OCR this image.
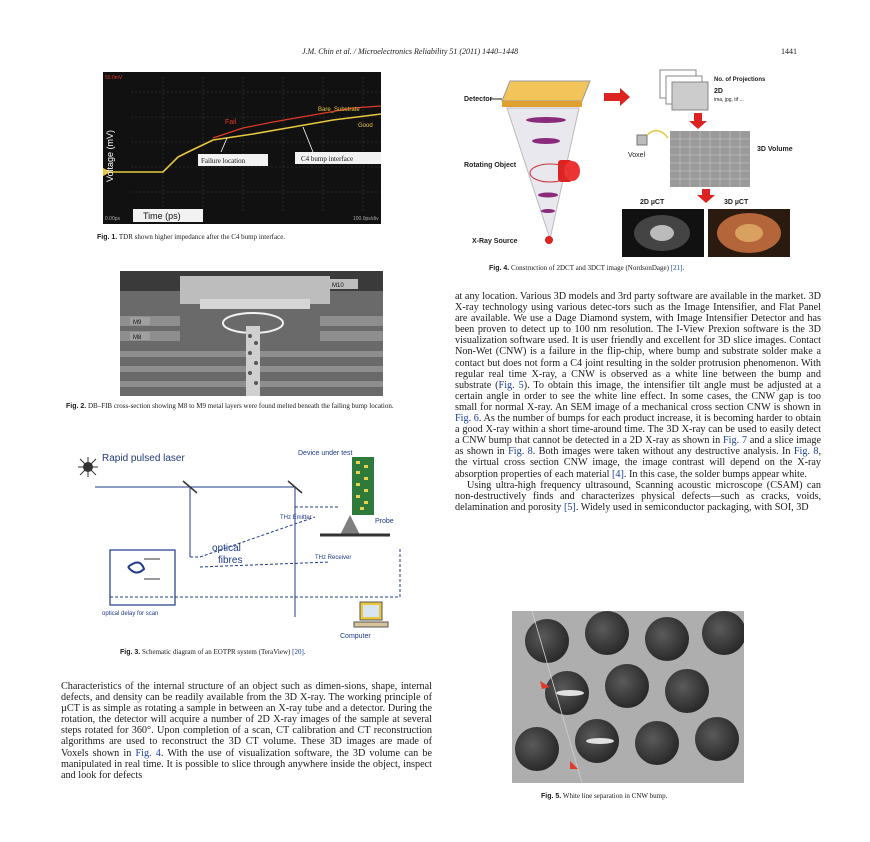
J.M. Chin et al. / Microelectronics Reliability 51 (2011) 1440–1448	1441
Fail
Bare_Substrate
Good
Failure location	C4 bump interface
Voltage (mV)
Time (ps)
50.0mV
0.00ps	100.0ps/div
Fig. 1. TDR shown higher impedance after the C4 bump interface.
M9
M8
M10
Fig. 2. DB–FIB cross-section showing M8 to M9 metal layers were found melted beneath the failing bump location.
Rapid pulsed laser
optical delay for scan
optical
fibres
Device under test
THz Emitter	Probe
THz Receiver
Computer
Fig. 3. Schematic diagram of an EOTPR system (TeraView) [20].
Detector
Rotating Object
X-Ray Source
No. of Projections
2D
ima, jpg, tif ...
Voxel
3D Volume
2D µCT	3D µCT
Fig. 4. Construction of 2DCT and 3DCT image (NordsonDage) [21].
Fig. 5. White line separation in CNW bump.

Characteristics of the internal structure of an object such as dimen-sions, shape, internal defects, and density can be readily available from the 3D X-ray. The working principle of µCT is as simple as rotating a sample in between an X-ray tube and a detector. During the rotation, the detector will acquire a number of 2D X-ray images of the sample at several steps rotated for 360°. Upon completion of a scan, CT calibration and CT reconstruction algorithms are used to reconstruct the 3D CT volume. These 3D images are made of Voxels shown in Fig. 4. With the use of visualization software, the 3D volume can be manipulated in real time. It is possible to slice through anywhere inside the object, inspect and look for defects

at any location. Various 3D models and 3rd party software are available in the market. 3D X-ray technology using various detec-tors such as the Image Intensifier, and Flat Panel are available. We use a Dage Diamond system, with Image Intensifier Detector and has been proven to detect up to 100 nm resolution. The I-View Prexion software is the 3D visualization software used. It is user friendly and excellent for 3D slice images. Contact Non-Wet (CNW) is a failure in the flip-chip, where bump and substrate solder make a contact but does not form a C4 joint resulting in the solder protrusion phenomenon. With regular real time X-ray, a CNW is observed as a white line between the bump and substrate (Fig. 5). To obtain this image, the intensifier tilt angle must be adjusted at a certain angle in order to see the white line effect. In some cases, the CNW gap is too small for normal X-ray. An SEM image of a mechanical cross section CNW is shown in Fig. 6. As the number of bumps for each product increase, it is becoming harder to obtain a good X-ray within a short time-around time. The 3D X-ray can be used to easily detect a CNW bump that cannot be detected in a 2D X-ray as shown in Fig. 7 and a slice image as shown in Fig. 8. Both images were taken without any destructive analysis. In Fig. 8, the virtual cross section CNW image, the image contrast will depend on the X-ray absorption properties of each material [4]. In this case, the solder bumps appear white.

Using ultra-high frequency ultrasound, Scanning acoustic microscope (CSAM) can non-destructively finds and characterizes physical defects—such as cracks, voids, delamination and porosity [5]. Widely used in semiconductor packaging, with SOI, 3D
